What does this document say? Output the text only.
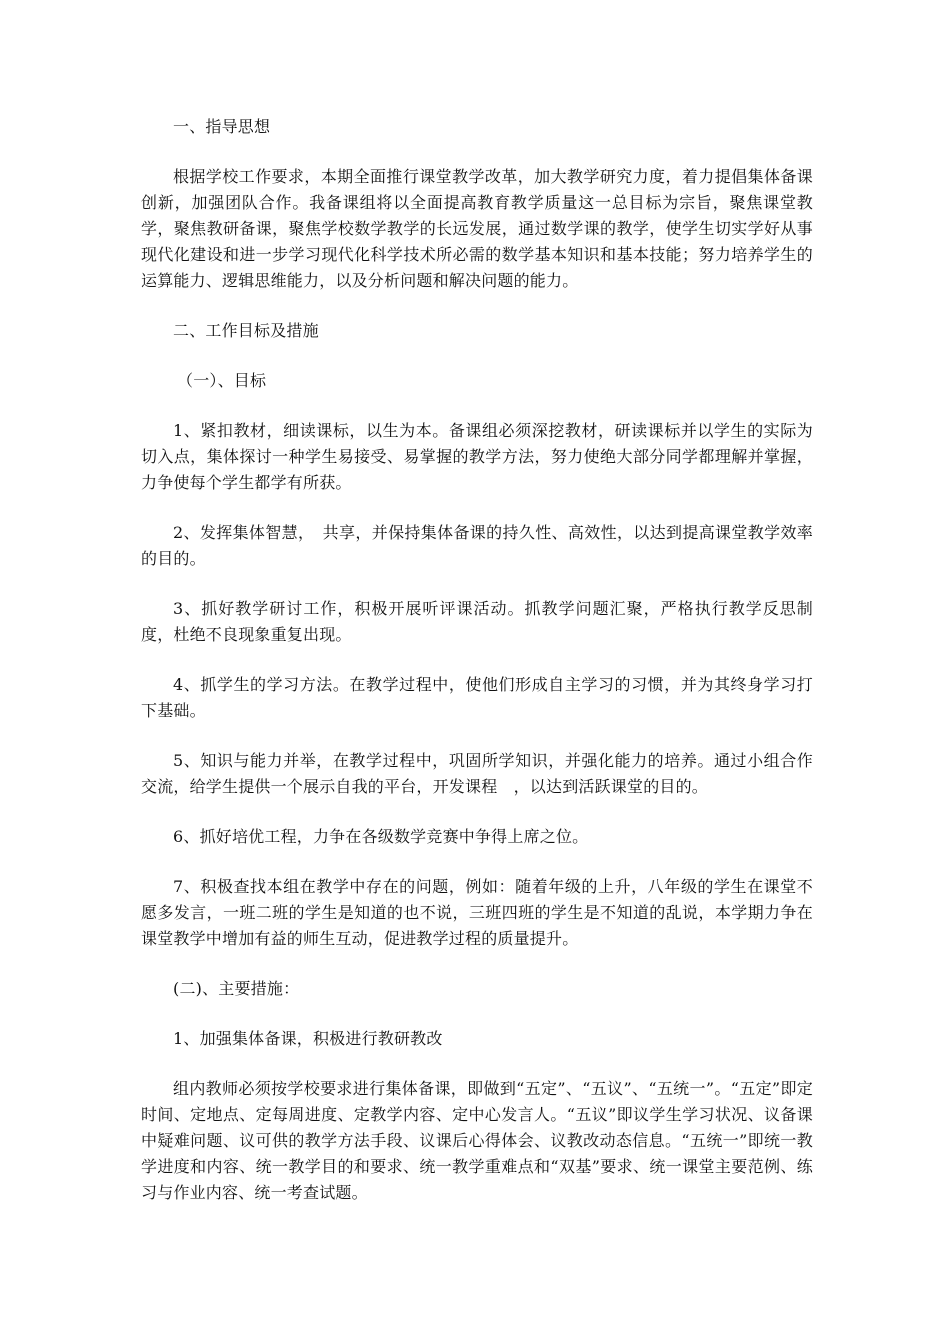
一、指导思想

根据学校工作要求，本期全面推行课堂教学改革，加大教学研究力度，着力提倡集体备课创新，加强团队合作。我备课组将以全面提高教育教学质量这一总目标为宗旨，聚焦课堂教学，聚焦教研备课，聚焦学校数学教学的长远发展，通过数学课的教学，使学生切实学好从事现代化建设和进一步学习现代化科学技术所必需的数学基本知识和基本技能；努力培养学生的运算能力、逻辑思维能力，以及分析问题和解决问题的能力。

二、工作目标及措施

（一）、目标

1、紧扣教材，细读课标，以生为本。备课组必须深挖教材，研读课标并以学生的实际为切入点，集体探讨一种学生易接受、易掌握的教学方法，努力使绝大部分同学都理解并掌握，力争使每个学生都学有所获。

2、发挥集体智慧，　共享，并保持集体备课的持久性、高效性，以达到提高课堂教学效率的目的。

3、抓好教学研讨工作，积极开展听评课活动。抓教学问题汇聚，严格执行教学反思制度，杜绝不良现象重复出现。

4、抓学生的学习方法。在教学过程中，使他们形成自主学习的习惯，并为其终身学习打下基础。

5、知识与能力并举，在教学过程中，巩固所学知识，并强化能力的培养。通过小组合作交流，给学生提供一个展示自我的平台，开发课程　，以达到活跃课堂的目的。

6、抓好培优工程，力争在各级数学竞赛中争得上席之位。

7、积极查找本组在教学中存在的问题，例如：随着年级的上升，八年级的学生在课堂不愿多发言，一班二班的学生是知道的也不说，三班四班的学生是不知道的乱说，本学期力争在课堂教学中增加有益的师生互动，促进教学过程的质量提升。

(二)、主要措施：

1、加强集体备课，积极进行教研教改

组内教师必须按学校要求进行集体备课，即做到“五定”、“五议”、“五统一”。“五定”即定时间、定地点、定每周进度、定教学内容、定中心发言人。“五议”即议学生学习状况、议备课中疑难问题、议可供的教学方法手段、议课后心得体会、议教改动态信息。“五统一”即统一教学进度和内容、统一教学目的和要求、统一教学重难点和“双基”要求、统一课堂主要范例、练习与作业内容、统一考查试题。
